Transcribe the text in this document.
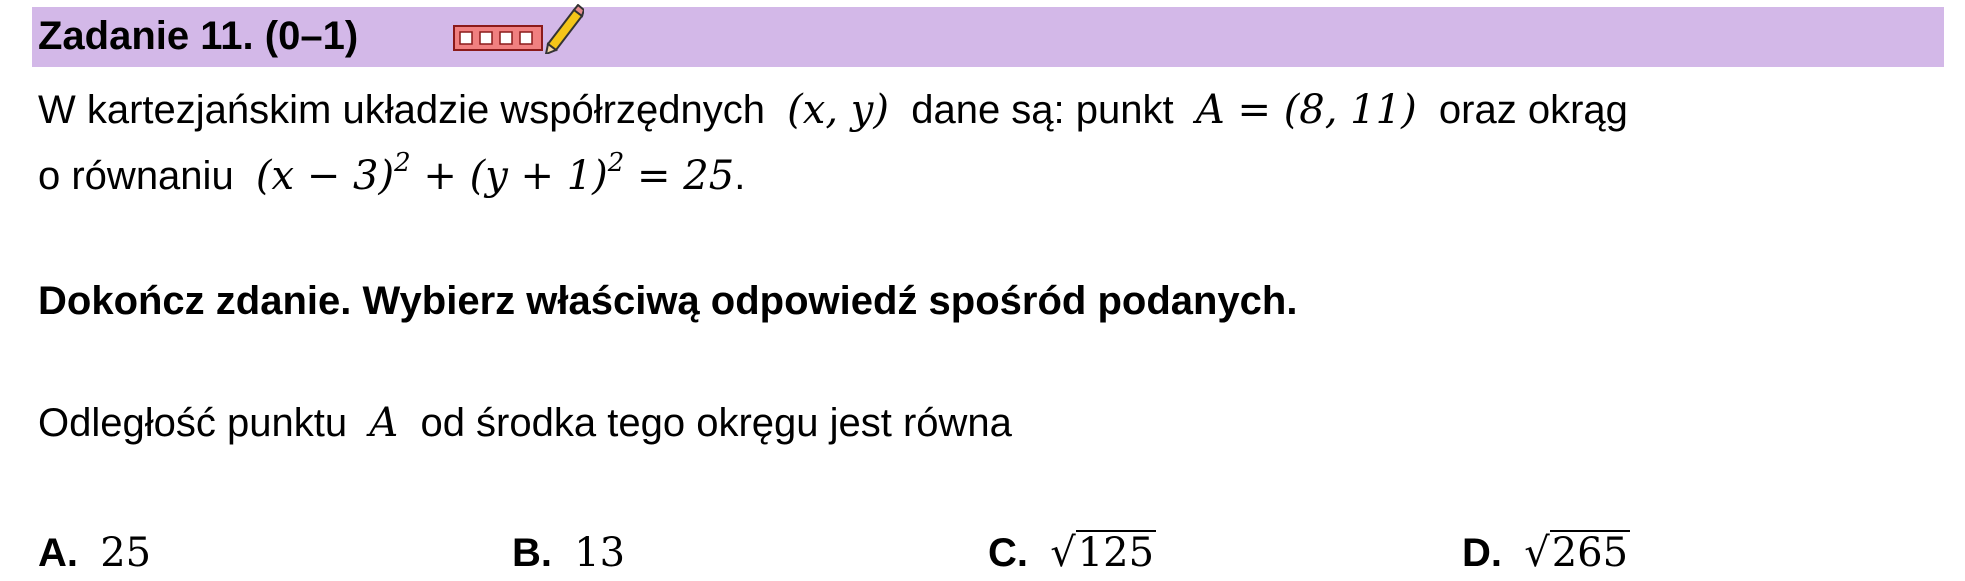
Zadanie 11. (0–1)
W kartezjańskim układzie współrzędnych (x, y) dane są: punkt A = (8, 11) oraz okrąg
o równaniu $(x - 3)^2 + (y + 1)^2 = 25$.
Dokończ zdanie. Wybierz właściwą odpowiedź spośród podanych.
Odległość punktu A od środka tego okręgu jest równa
A. 25	B. 13	C. √125	D. √265
